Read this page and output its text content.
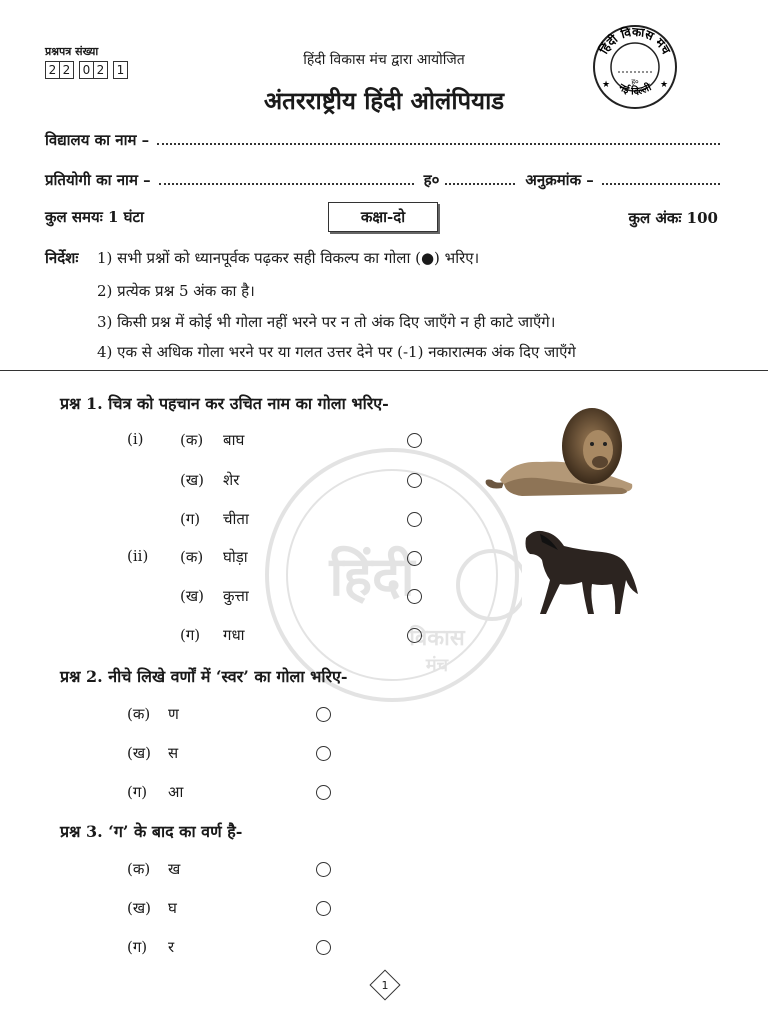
प्रश्नपत्र संख्या
2 2	0 2	1
हिंदी विकास मंच द्वारा आयोजित
अंतरराष्ट्रीय हिंदी ओलंपियाड
हिंदी विकास मंच
नई दिल्ली
ह०
★	★
विद्यालय का नाम –
प्रतियोगी का नाम –	ह०	अनुक्रमांक –
कुल समयः 1 घंटा	कक्षा-दो	कुल अंकः 100
निर्देशः 1) सभी प्रश्नों को ध्यानपूर्वक पढ़कर सही विकल्प का गोला (●) भरिए।
2) प्रत्येक प्रश्न 5 अंक का है।
3) किसी प्रश्न में कोई भी गोला नहीं भरने पर न तो अंक दिए जाएँगे न ही काटे जाएँगे।
4) एक से अधिक गोला भरने पर या गलत उत्तर देने पर (-1) नकारात्मक अंक दिए जाएँगे
हिंदी
विकास
मंच
प्रश्न 1. चित्र को पहचान कर उचित नाम का गोला भरिए-
(i) (क) बाघ
(ख) शेर
(ग) चीता
(ii) (क) घोड़ा
(ख) कुत्ता
(ग) गधा
प्रश्न 2. नीचे लिखे वर्णों में ‘स्वर’ का गोला भरिए-
(क) ण
(ख) स
(ग) आ
प्रश्न 3. ‘ग’ के बाद का वर्ण है-
(क) ख
(ख) घ
(ग) र
1
